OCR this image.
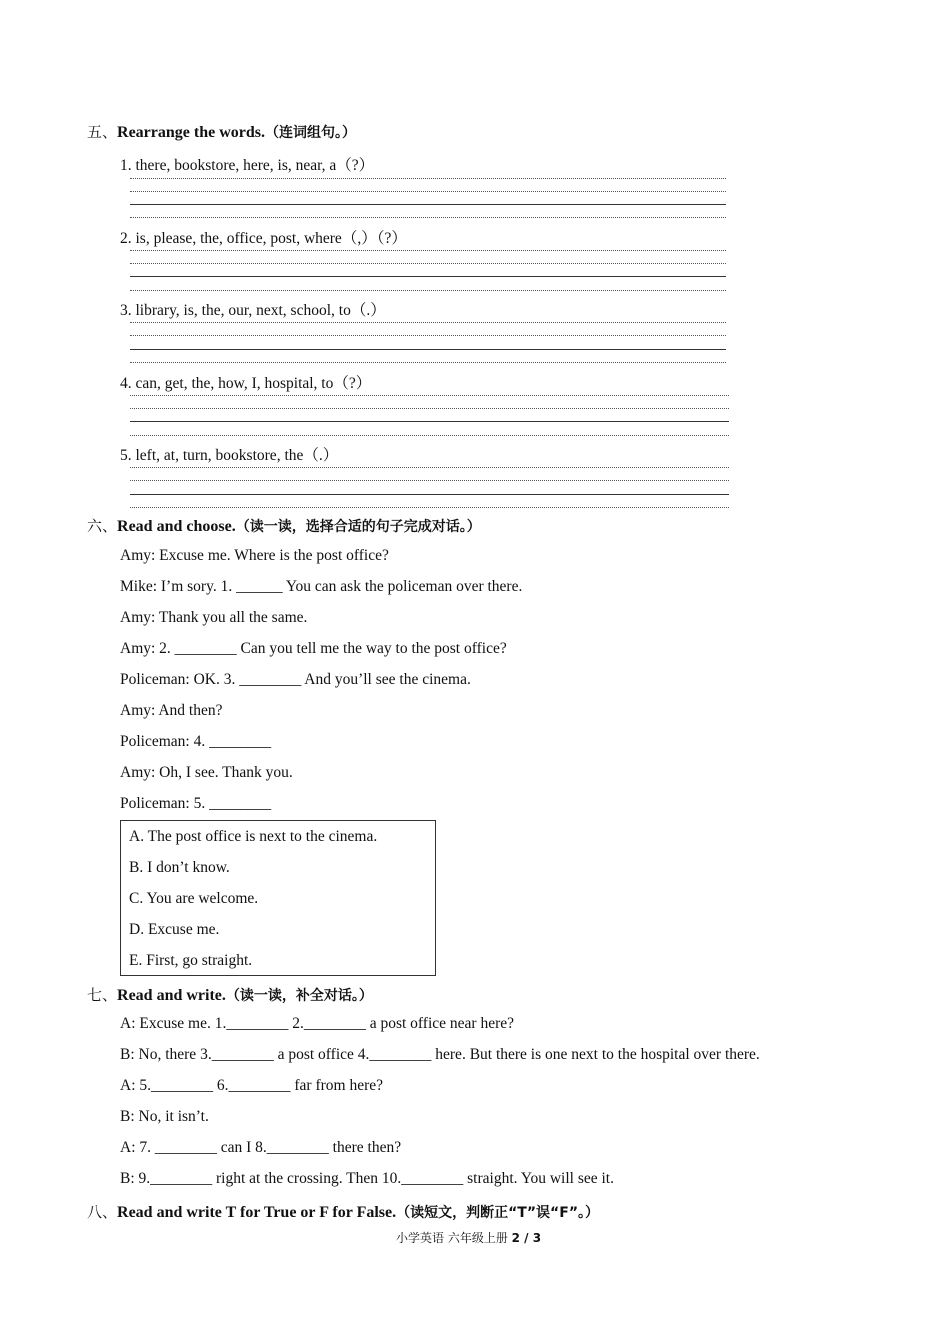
五、Rearrange the words.（连词组句。）
1. there, bookstore, here, is, near, a（?）
2. is, please, the, office, post, where（,）（?）
3. library, is, the, our, next, school, to（.）
4. can, get, the, how, I, hospital, to（?）
5. left, at, turn, bookstore, the（.）
六、Read and choose.（读一读，选择合适的句子完成对话。）
Amy: Excuse me. Where is the post office?
Mike: I’m sory. 1. ______ You can ask the policeman over there.
Amy: Thank you all the same.
Amy: 2. ________ Can you tell me the way to the post office?
Policeman: OK. 3. ________ And you’ll see the cinema.
Amy: And then?
Policeman: 4. ________
Amy: Oh, I see. Thank you.
Policeman: 5. ________
A. The post office is next to the cinema.
B. I don’t know.
C. You are welcome.
D. Excuse me.
E. First, go straight.
七、Read and write.（读一读，补全对话。）
A: Excuse me. 1.________ 2.________ a post office near here?
B: No, there 3.________ a post office 4.________ here. But there is one next to the hospital over there.
A: 5.________ 6.________ far from here?
B: No, it isn’t.
A: 7. ________ can I 8.________ there then?
B: 9.________ right at the crossing. Then 10.________ straight. You will see it.
八、Read and write T for True or F for False.（读短文，判断正“T”误“F”。）
小学英语 六年级上册 2 / 3
